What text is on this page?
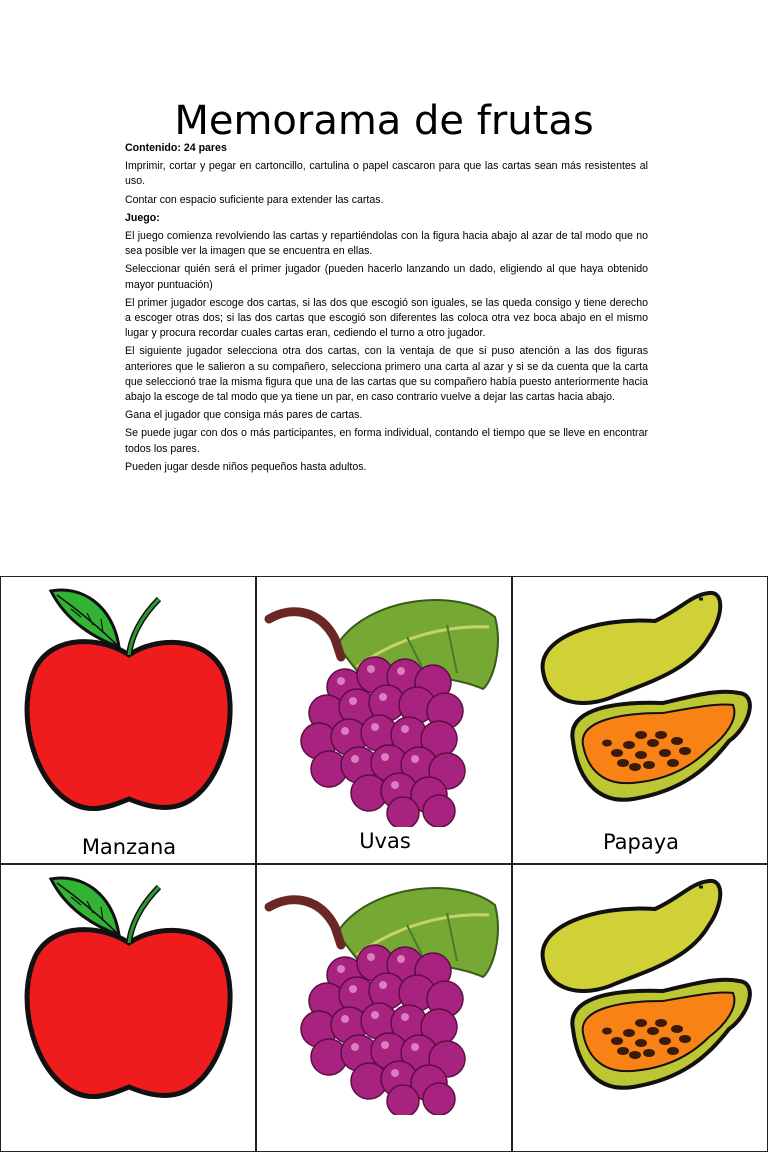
Memorama de frutas

Contenido: 24 pares

Imprimir, cortar y pegar en cartoncillo, cartulina o papel cascaron para que las cartas sean más resistentes al uso.

Contar con espacio suficiente para extender las cartas.

Juego:

El juego comienza revolviendo las cartas y repartiéndolas con la figura hacia abajo al azar de tal modo que no sea posible ver la imagen que se encuentra en ellas.

Seleccionar quién será el primer jugador (pueden hacerlo lanzando un dado, eligiendo al que haya obtenido mayor puntuación)

El primer jugador escoge dos cartas, si las dos que escogió son iguales, se las queda consigo y tiene derecho a escoger otras dos; si las dos cartas que escogió son diferentes las coloca otra vez boca abajo en el mismo lugar y procura recordar cuales cartas eran, cediendo el turno a otro jugador.

El siguiente jugador selecciona otra dos cartas, con la ventaja de que si puso atención a las dos figuras anteriores que le salieron a su compañero, selecciona primero una carta al azar y si se da cuenta que la carta que seleccionó trae la misma figura que una de las cartas que su compañero había puesto anteriormente hacia abajo la escoge de tal modo que ya tiene un par, en caso contrario vuelve a dejar las cartas hacia abajo.

Gana el jugador que consiga más pares de cartas.

Se puede jugar con dos o más participantes, en forma individual, contando el tiempo que se lleve en encontrar todos los pares.

Pueden jugar desde niños pequeños hasta adultos.

Manzana	Uvas	Papaya
